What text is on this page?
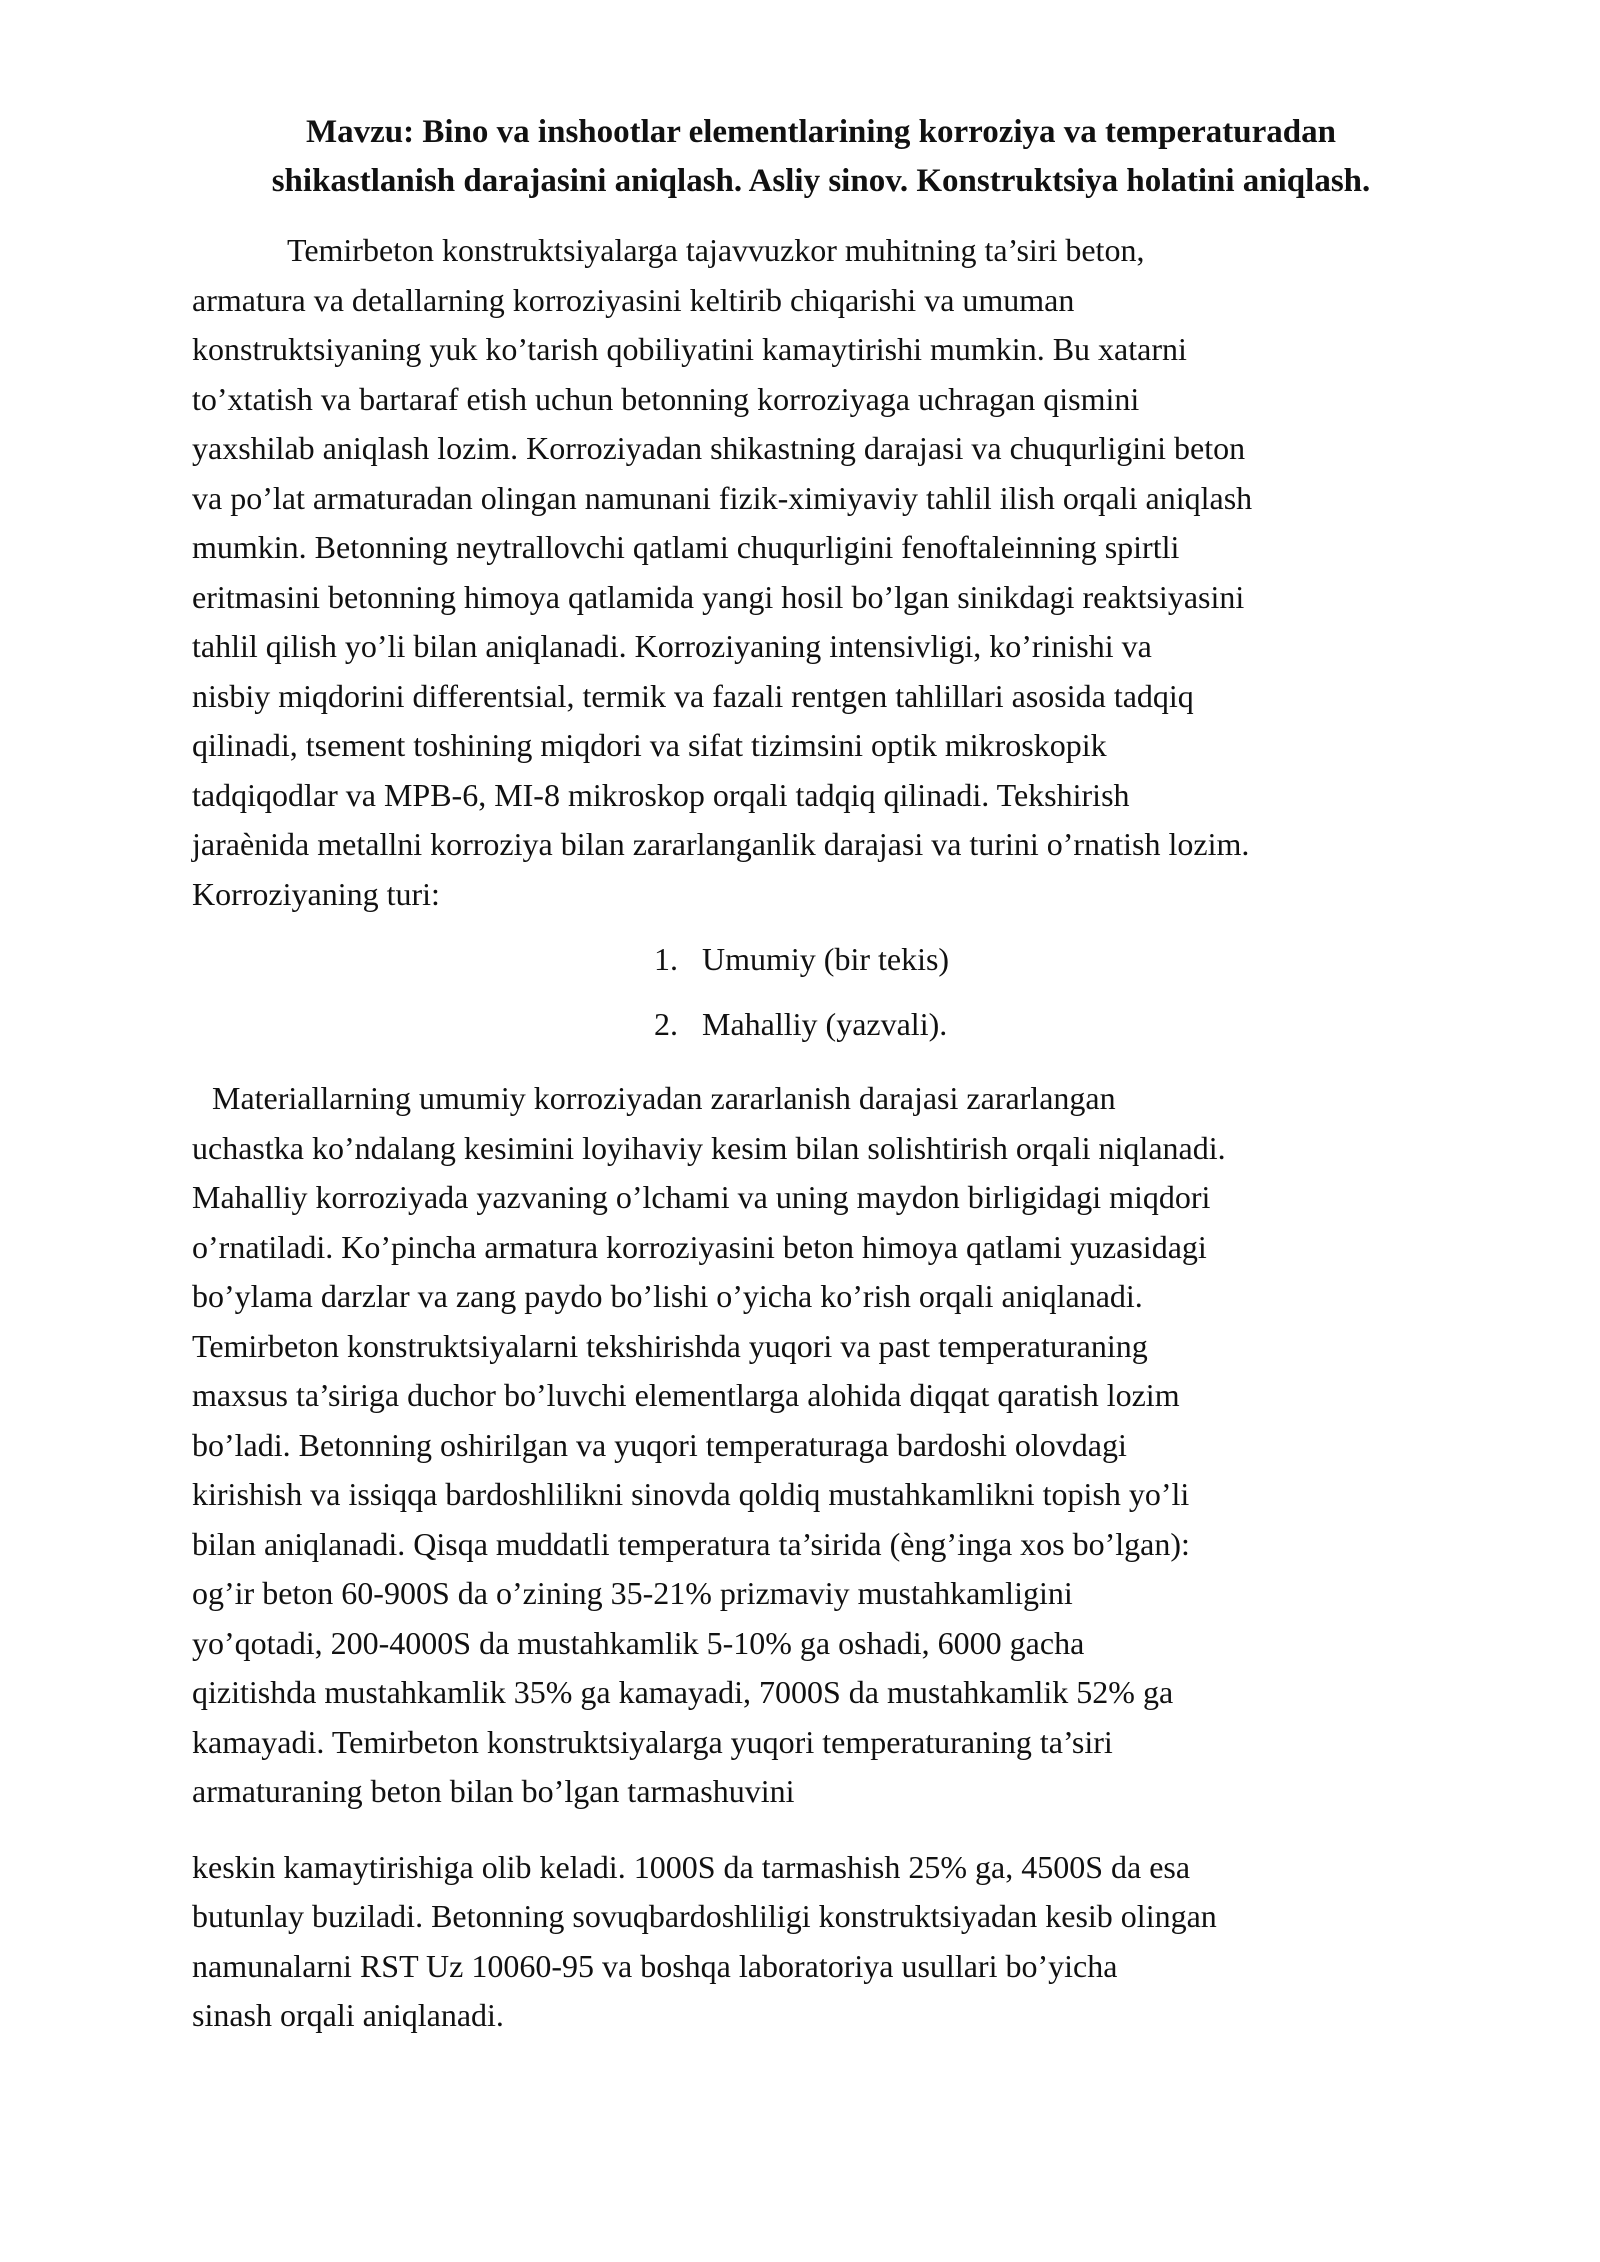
Mavzu: Bino va inshootlar elementlarining korroziya va temperaturadan
shikastlanish darajasini aniqlash. Asliy sinov. Konstruktsiya holatini aniqlash.
Temirbeton konstruktsiyalarga tajavvuzkor muhitning ta’siri beton,
armatura va detallarning korroziyasini keltirib chiqarishi va umuman
konstruktsiyaning yuk ko’tarish qobiliyatini kamaytirishi mumkin. Bu xatarni
to’xtatish va bartaraf etish uchun betonning korroziyaga uchragan qismini
yaxshilab aniqlash lozim. Korroziyadan shikastning darajasi va chuqurligini beton
va po’lat armaturadan olingan namunani fizik-ximiyaviy tahlil ilish orqali aniqlash
mumkin. Betonning neytrallovchi qatlami chuqurligini fenoftaleinning spirtli
eritmasini betonning himoya qatlamida yangi hosil bo’lgan sinikdagi reaktsiyasini
tahlil qilish yo’li bilan aniqlanadi. Korroziyaning intensivligi, ko’rinishi va
nisbiy miqdorini differentsial, termik va fazali rentgen tahlillari asosida tadqiq
qilinadi, tsement toshining miqdori va sifat tizimsini optik mikroskopik
tadqiqodlar va MPB-6, MI-8 mikroskop orqali tadqiq qilinadi. Tekshirish
jaraѐnida metallni korroziya bilan zararlanganlik darajasi va turini o’rnatish lozim.
Korroziyaning turi:
1. Umumiy (bir tekis)
2. Mahalliy (yazvali).
Materiallarning umumiy korroziyadan zararlanish darajasi zararlangan
uchastka ko’ndalang kesimini loyihaviy kesim bilan solishtirish orqali niqlanadi.
Mahalliy korroziyada yazvaning o’lchami va uning maydon birligidagi miqdori
o’rnatiladi. Ko’pincha armatura korroziyasini beton himoya qatlami yuzasidagi
bo’ylama darzlar va zang paydo bo’lishi o’yicha ko’rish orqali aniqlanadi.
Temirbeton konstruktsiyalarni tekshirishda yuqori va past temperaturaning
maxsus ta’siriga duchor bo’luvchi elementlarga alohida diqqat qaratish lozim
bo’ladi. Betonning oshirilgan va yuqori temperaturaga bardoshi olovdagi
kirishish va issiqqa bardoshlilikni sinovda qoldiq mustahkamlikni topish yo’li
bilan aniqlanadi. Qisqa muddatli temperatura ta’sirida (ѐng’inga xos bo’lgan):
og’ir beton 60-900S da o’zining 35-21% prizmaviy mustahkamligini
yo’qotadi, 200-4000S da mustahkamlik 5-10% ga oshadi, 6000 gacha
qizitishda mustahkamlik 35% ga kamayadi, 7000S da mustahkamlik 52% ga
kamayadi. Temirbeton konstruktsiyalarga yuqori temperaturaning ta’siri
armaturaning beton bilan bo’lgan tarmashuvini
keskin kamaytirishiga olib keladi. 1000S da tarmashish 25% ga, 4500S da esa
butunlay buziladi. Betonning sovuqbardoshliligi konstruktsiyadan kesib olingan
namunalarni RST Uz 10060-95 va boshqa laboratoriya usullari bo’yicha
sinash orqali aniqlanadi.
